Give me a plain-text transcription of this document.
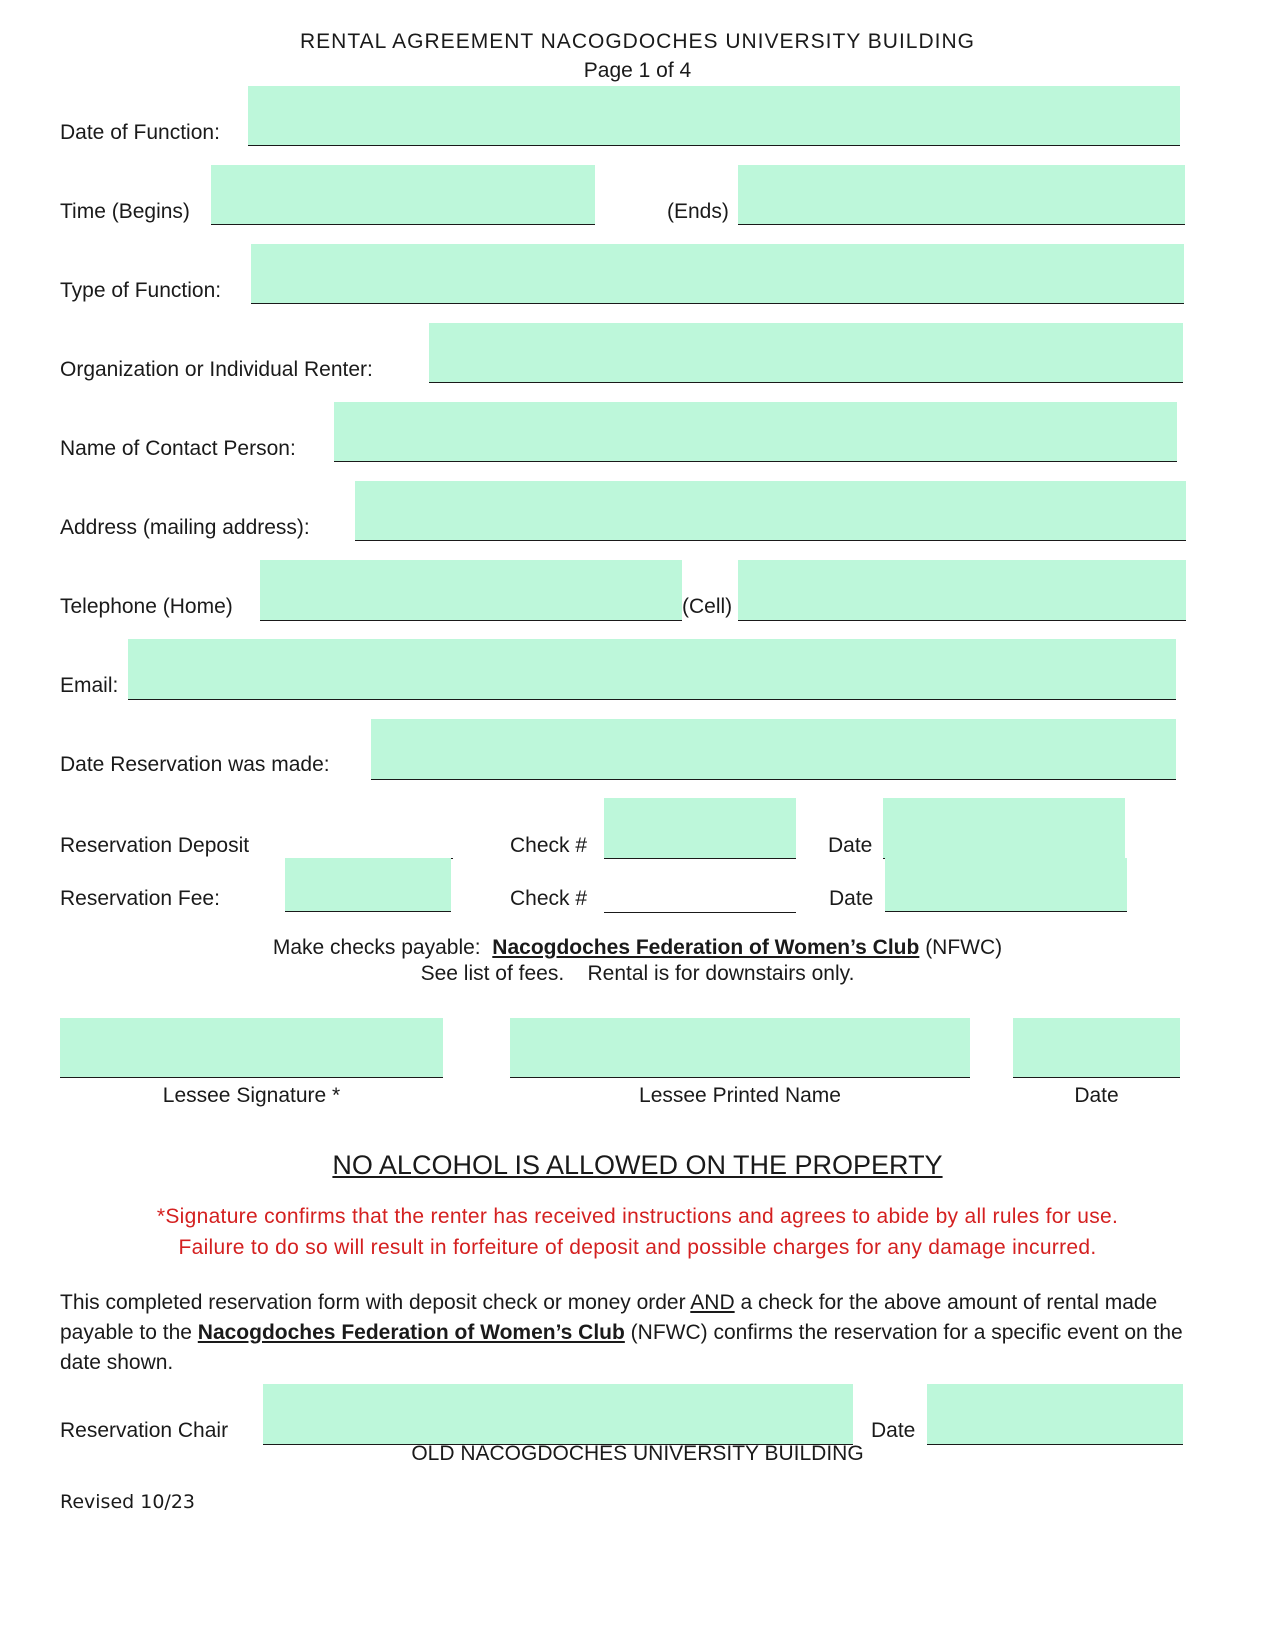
RENTAL AGREEMENT NACOGDOCHES UNIVERSITY BUILDING
Page 1 of 4
Date of Function:
Time (Begins)	(Ends)
Type of Function:
Organization or Individual Renter:
Name of Contact Person:
Address (mailing address):
Telephone (Home)	(Cell)
Email:
Date Reservation was made:
Reservation Deposit	Check #	Date
Reservation Fee:	Check #	Date
Make checks payable: Nacogdoches Federation of Women’s Club (NFWC)
See list of fees. Rental is for downstairs only.
Lessee Signature *	Lessee Printed Name	Date
NO ALCOHOL IS ALLOWED ON THE PROPERTY
*Signature confirms that the renter has received instructions and agrees to abide by all rules for use.
Failure to do so will result in forfeiture of deposit and possible charges for any damage incurred.

This completed reservation form with deposit check or money order AND a check for the above amount of rental made payable to the Nacogdoches Federation of Women’s Club (NFWC) confirms the reservation for a specific event on the date shown.

Reservation Chair	Date
OLD NACOGDOCHES UNIVERSITY BUILDING
Revised 10/23
